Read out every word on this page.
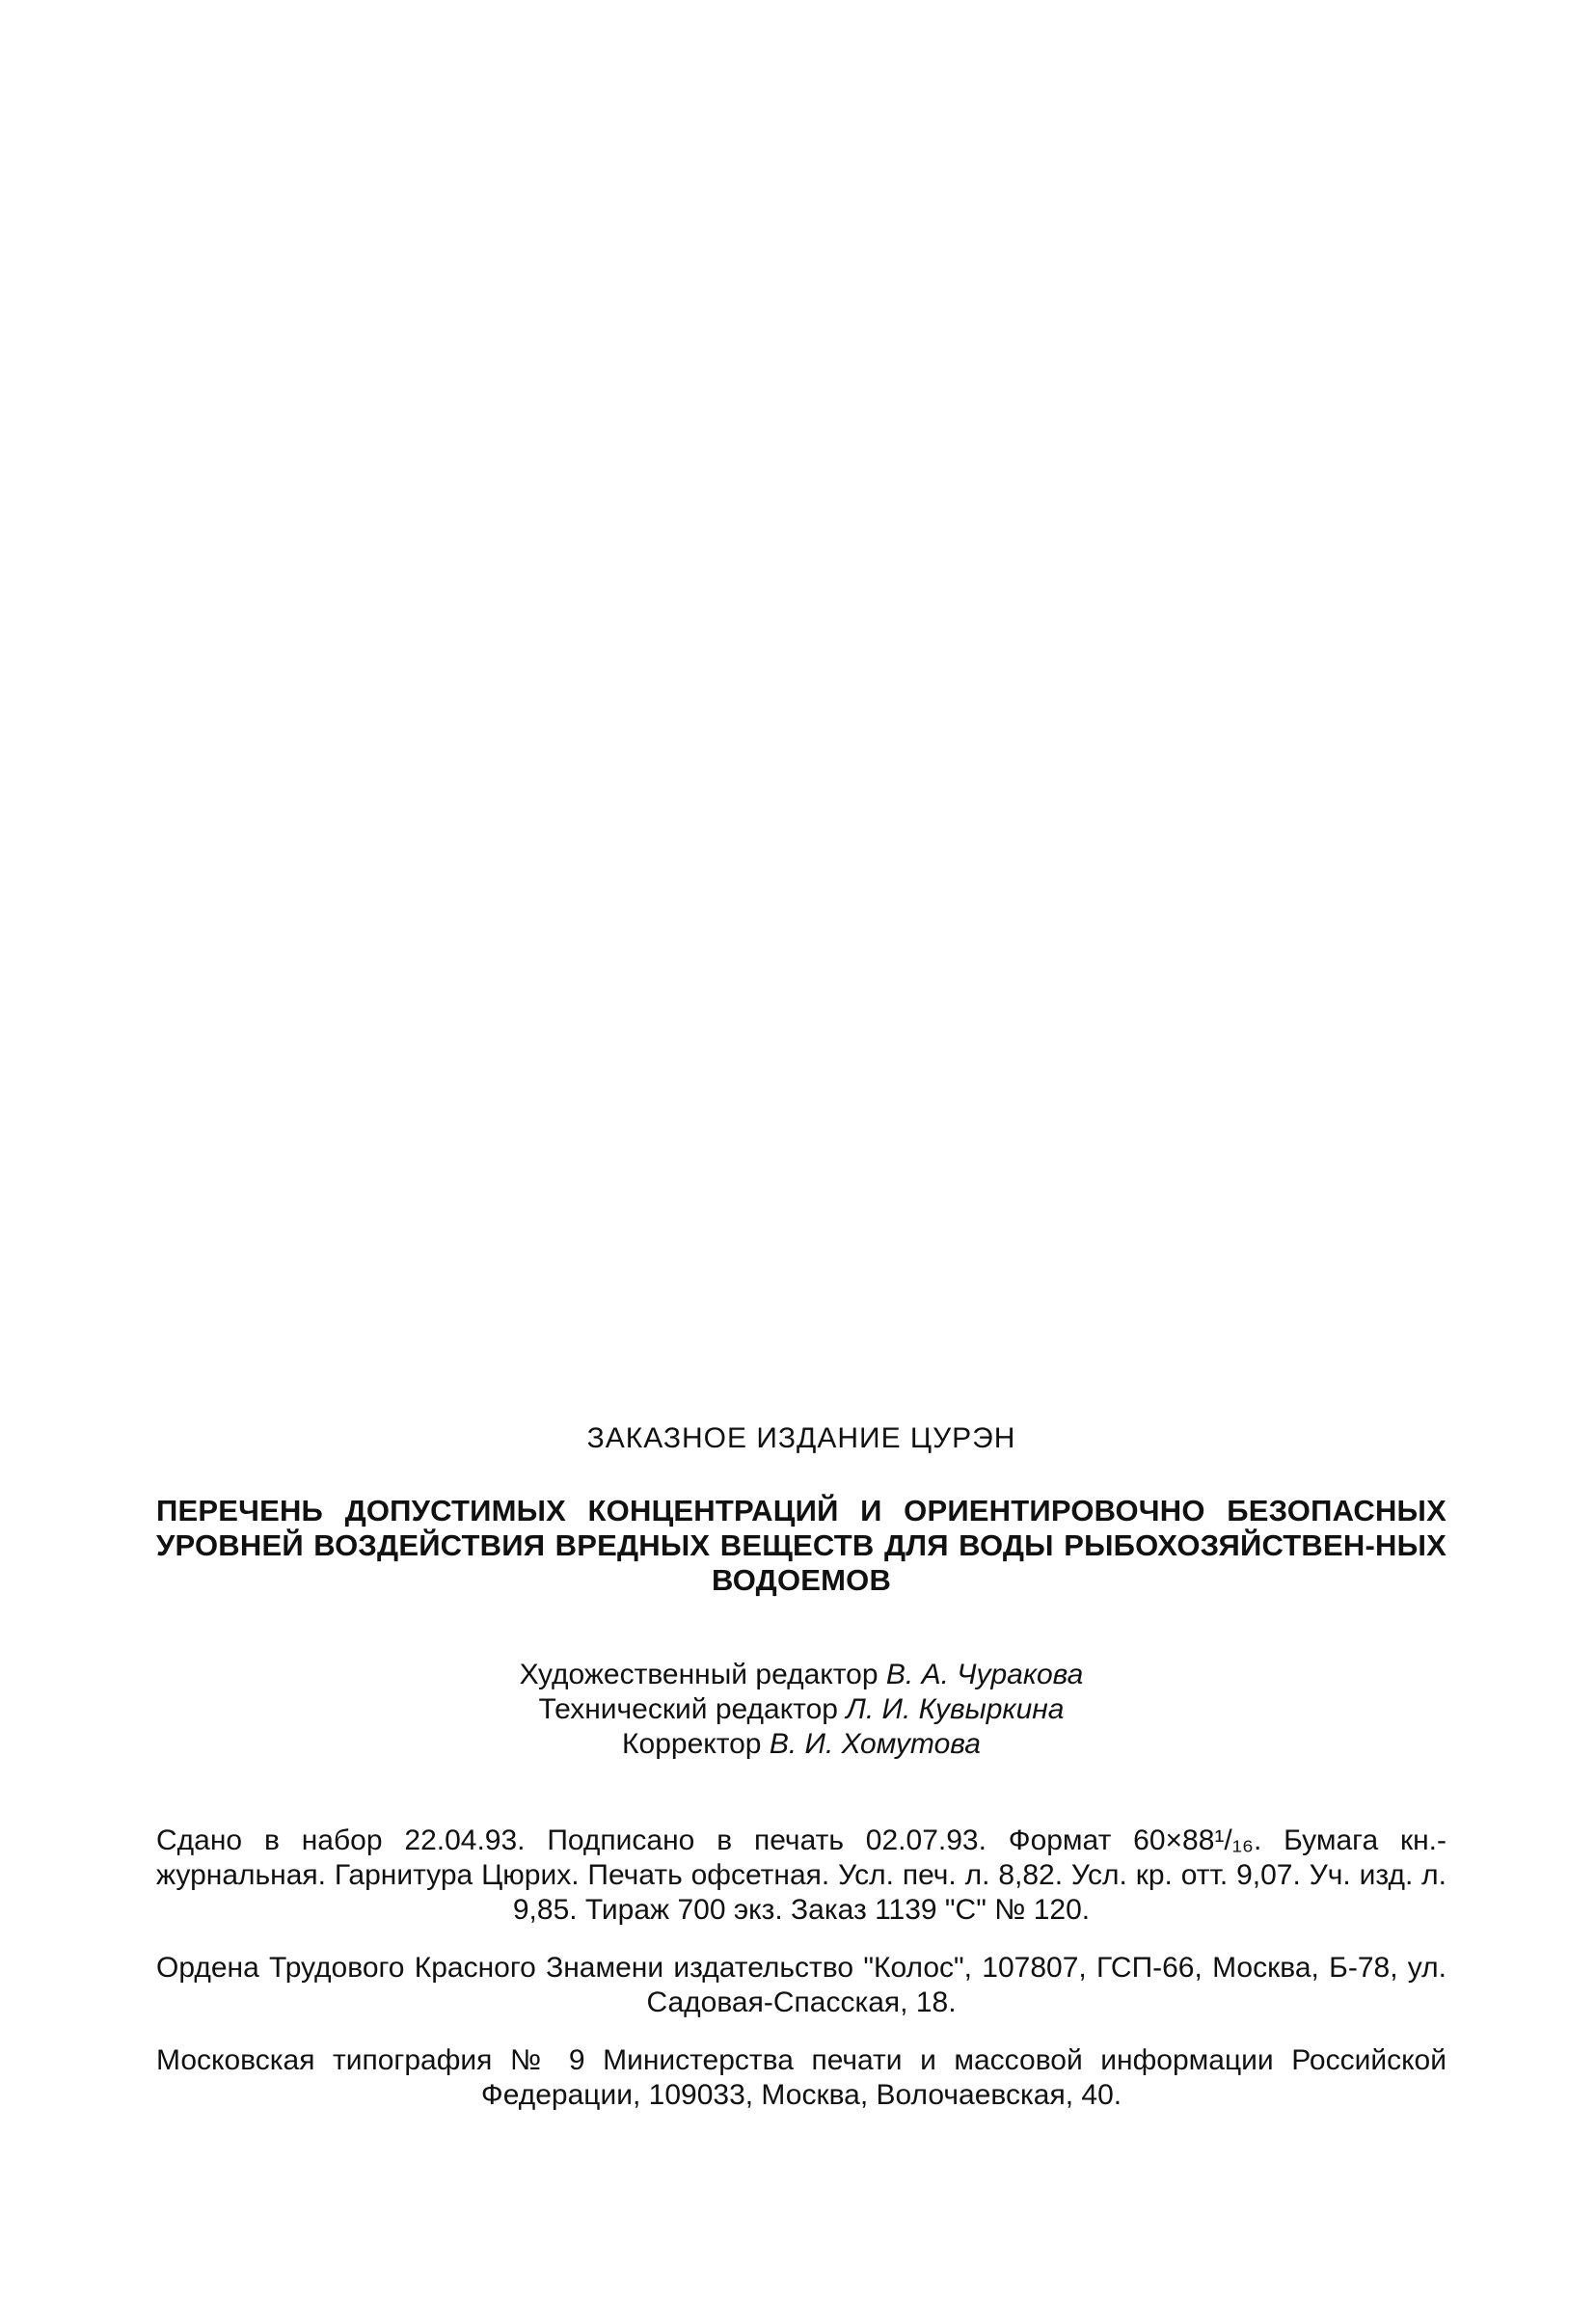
ЗАКАЗНОЕ ИЗДАНИЕ ЦУРЭН
ПЕРЕЧЕНЬ ДОПУСТИМЫХ КОНЦЕНТРАЦИЙ И ОРИЕНТИРОВОЧНО БЕЗОПАСНЫХ УРОВНЕЙ ВОЗДЕЙСТВИЯ ВРЕДНЫХ ВЕЩЕСТВ ДЛЯ ВОДЫ РЫБОХОЗЯЙСТВЕН-НЫХ ВОДОЕМОВ
Художественный редактор В. А. Чуракова
Технический редактор Л. И. Кувыркина
Корректор В. И. Хомутова

Сдано в набор 22.04.93. Подписано в печать 02.07.93. Формат 60×88¹/₁₆. Бумага кн.-журнальная. Гарнитура Цюрих. Печать офсетная. Усл. печ. л. 8,82. Усл. кр. отт. 9,07. Уч. изд. л. 9,85. Тираж 700 экз. Заказ 1139 "С" № 120.

Ордена Трудового Красного Знамени издательство "Колос", 107807, ГСП-66, Москва, Б-78, ул. Садовая-Спасская, 18.

Московская типография № 9 Министерства печати и массовой информации Российской Федерации, 109033, Москва, Волочаевская, 40.
